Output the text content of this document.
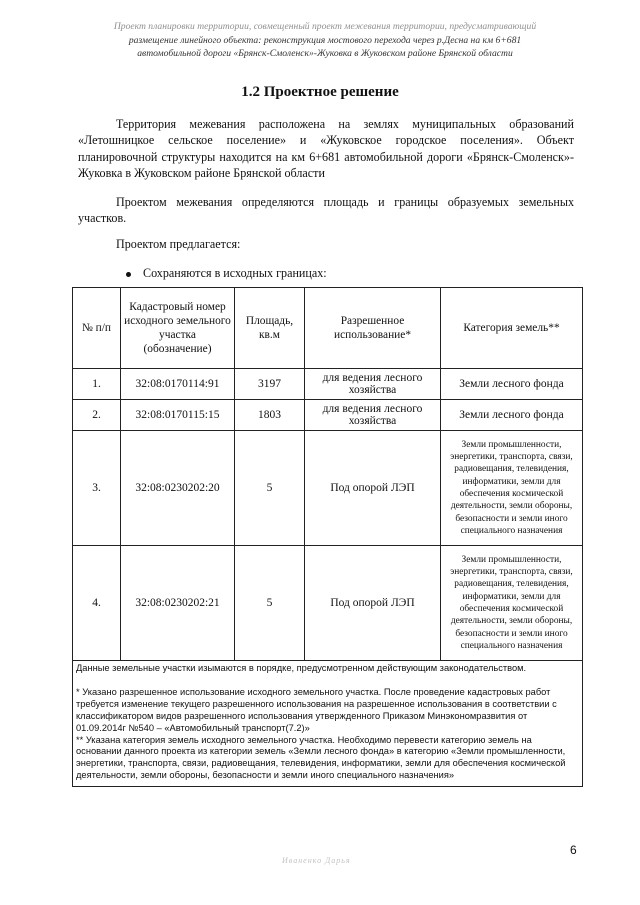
Проект планировки территории, совмещенный проект межевания территории, предусматривающий
размещение линейного объекта: реконструкция мостового перехода через р.Десна на км 6+681
автомобильной дороги «Брянск-Смоленск»-Жуковка в Жуковском районе Брянской области
1.2 Проектное решение

Территория межевания расположена на землях муниципальных образований «Летошницкое сельское поселение» и «Жуковское городское поселения». Объект планировочной структуры находится на км 6+681 автомобильной дороги «Брянск-Смоленск»-Жуковка в Жуковском районе Брянской области

Проектом межевания определяются площадь и границы образуемых земельных участков.

Проектом предлагается:

Сохраняются в исходных границах:
№ п/п	Кадастровый номер исходного земельного участка (обозначение)	Площадь, кв.м	Разрешенное использование*	Категория земель**
1.	32:08:0170114:91	3197	для ведения лесного хозяйства	Земли лесного фонда
2.	32:08:0170115:15	1803	для ведения лесного хозяйства	Земли лесного фонда
3.	32:08:0230202:20	5	Под опорой ЛЭП	Земли промышленности, энергетики, транспорта, связи, радиовещания, телевидения, информатики, земли для обеспечения космической деятельности, земли обороны, безопасности и земли иного специального назначения
4.	32:08:0230202:21	5	Под опорой ЛЭП	Земли промышленности, энергетики, транспорта, связи, радиовещания, телевидения, информатики, земли для обеспечения космической деятельности, земли обороны, безопасности и земли иного специального назначения

Данные земельные участки изымаются в порядке, предусмотренном действующим законодательством.

* Указано разрешенное использование исходного земельного участка. После проведение кадастровых работ требуется изменение текущего разрешенного использования на разрешенное использования в соответствии с классификатором видов разрешенного использования утвержденного Приказом Минэкономразвития от 01.09.2014г №540 – «Автомобильный транспорт(7.2)»

** Указана категория земель исходного земельного участка. Необходимо перевести категорию земель на основании данного проекта из категории земель «Земли лесного фонда» в категорию «Земли промышленности, энергетики, транспорта, связи, радиовещания, телевидения, информатики, земли для обеспечения космической деятельности, земли обороны, безопасности и земли иного специального назначения»				

6
Иваненко Дарья
